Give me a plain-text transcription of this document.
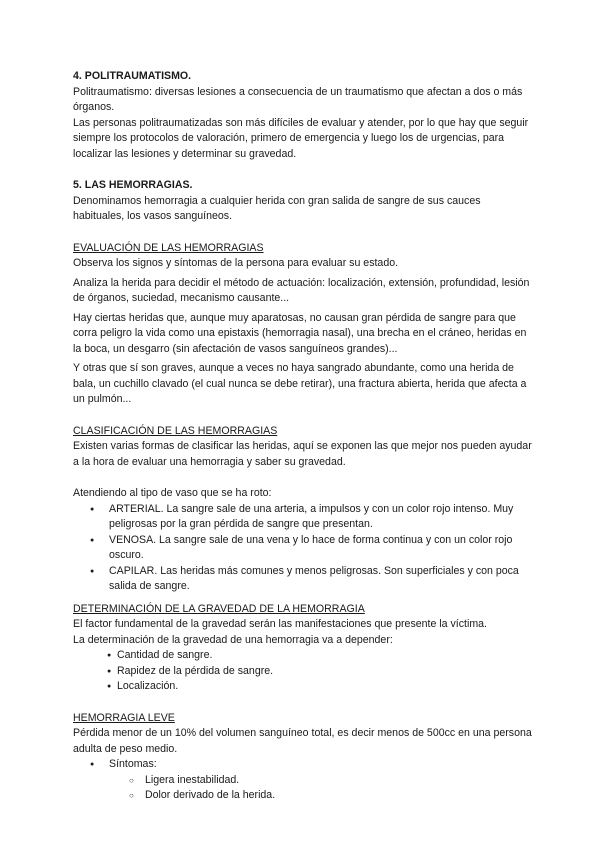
4. POLITRAUMATISMO.

Politraumatismo: diversas lesiones a consecuencia de un traumatismo que afectan a dos o más órganos.

Las personas politraumatizadas son más difíciles de evaluar y atender, por lo que hay que seguir siempre los protocolos de valoración, primero de emergencia y luego los de urgencias, para localizar las lesiones y determinar su gravedad.

5. LAS HEMORRAGIAS.

Denominamos hemorragia a cualquier herida con gran salida de sangre de sus cauces habituales, los vasos sanguíneos.

EVALUACIÓN DE LAS HEMORRAGIAS

Observa los signos y síntomas de la persona para evaluar su estado.

Analiza la herida para decidir el método de actuación: localización, extensión, profundidad, lesión de órganos, suciedad, mecanismo causante...

Hay ciertas heridas que, aunque muy aparatosas, no causan gran pérdida de sangre para que corra peligro la vida como una epistaxis (hemorragia nasal), una brecha en el cráneo, heridas en la boca, un desgarro (sin afectación de vasos sanguíneos grandes)...

Y otras que sí son graves, aunque a veces no haya sangrado abundante, como una herida de bala, un cuchillo clavado (el cual nunca se debe retirar), una fractura abierta, herida que afecta a un pulmón...

CLASIFICACIÓN DE LAS HEMORRAGIAS

Existen varias formas de clasificar las heridas, aquí se exponen las que mejor nos pueden ayudar a la hora de evaluar una hemorragia y saber su gravedad.

Atendiendo al tipo de vaso que se ha roto:

● ARTERIAL. La sangre sale de una arteria, a impulsos y con un color rojo intenso. Muy peligrosas por la gran pérdida de sangre que presentan.
● VENOSA. La sangre sale de una vena y lo hace de forma continua y con un color rojo oscuro.
● CAPILAR. Las heridas más comunes y menos peligrosas. Son superficiales y con poca salida de sangre.

DETERMINACIÓN DE LA GRAVEDAD DE LA HEMORRAGIA

El factor fundamental de la gravedad serán las manifestaciones que presente la víctima.

La determinación de la gravedad de una hemorragia va a depender:

● Cantidad de sangre.
● Rapidez de la pérdida de sangre.
● Localización.

HEMORRAGIA LEVE

Pérdida menor de un 10% del volumen sanguíneo total, es decir menos de 500cc en una persona adulta de peso medio.

● Síntomas:
○ Ligera inestabilidad.
○ Dolor derivado de la herida.
